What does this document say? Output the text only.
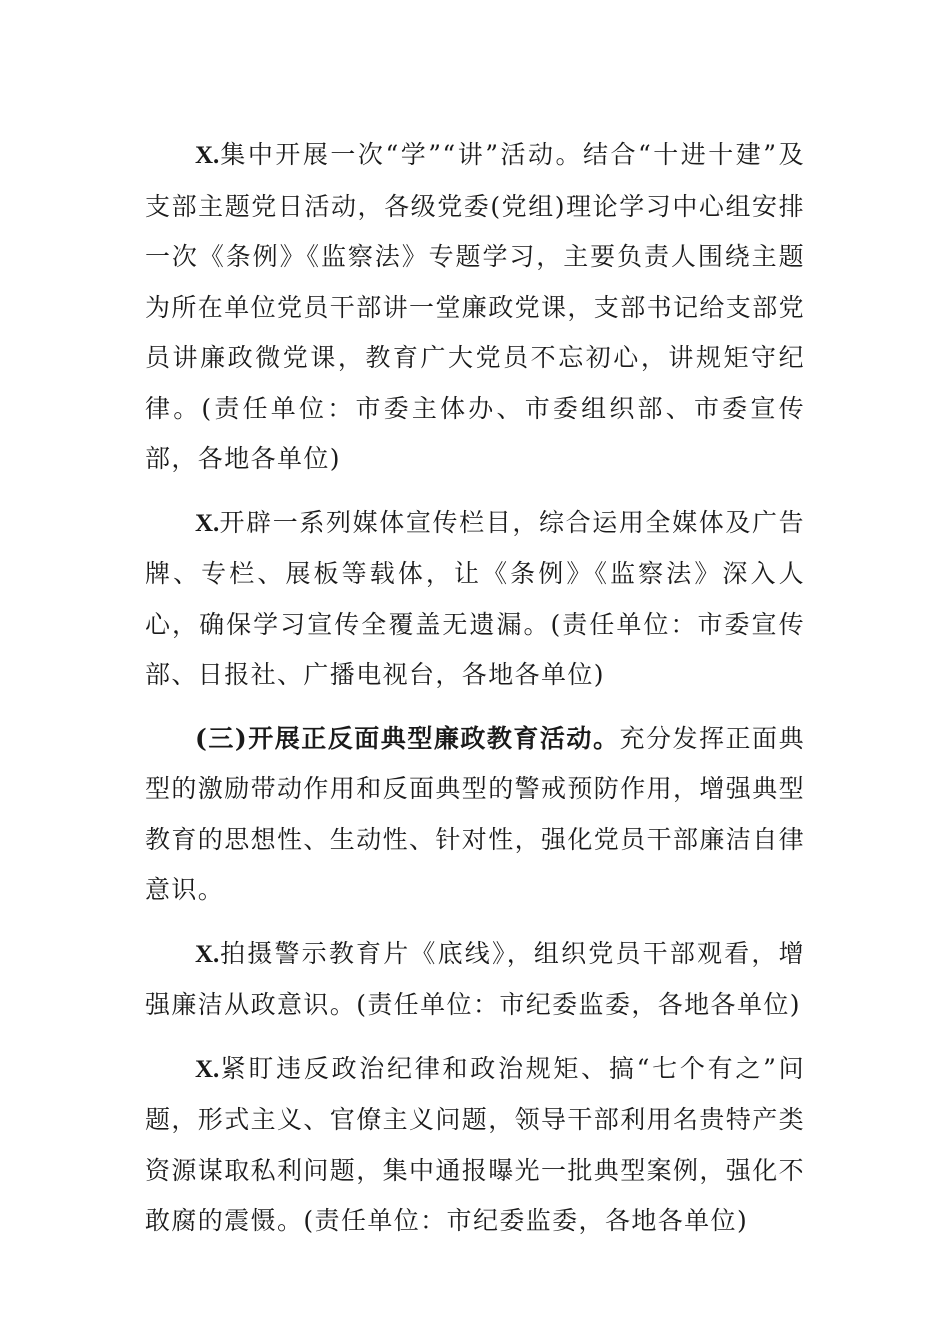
X.集中开展一次“学”“讲”活动。结合“十进十建”及支部主题党日活动，各级党委(党组)理论学习中心组安排一次《条例》《监察法》专题学习，主要负责人围绕主题为所在单位党员干部讲一堂廉政党课，支部书记给支部党员讲廉政微党课，教育广大党员不忘初心，讲规矩守纪律。(责任单位：市委主体办、市委组织部、市委宣传部，各地各单位)

X.开辟一系列媒体宣传栏目，综合运用全媒体及广告牌、专栏、展板等载体，让《条例》《监察法》深入人心，确保学习宣传全覆盖无遗漏。(责任单位：市委宣传部、日报社、广播电视台，各地各单位)

(三)开展正反面典型廉政教育活动。充分发挥正面典型的激励带动作用和反面典型的警戒预防作用，增强典型教育的思想性、生动性、针对性，强化党员干部廉洁自律意识。

X.拍摄警示教育片《底线》，组织党员干部观看，增强廉洁从政意识。(责任单位：市纪委监委，各地各单位)

X.紧盯违反政治纪律和政治规矩、搞“七个有之”问题，形式主义、官僚主义问题，领导干部利用名贵特产类资源谋取私利问题，集中通报曝光一批典型案例，强化不敢腐的震慑。(责任单位：市纪委监委，各地各单位)
